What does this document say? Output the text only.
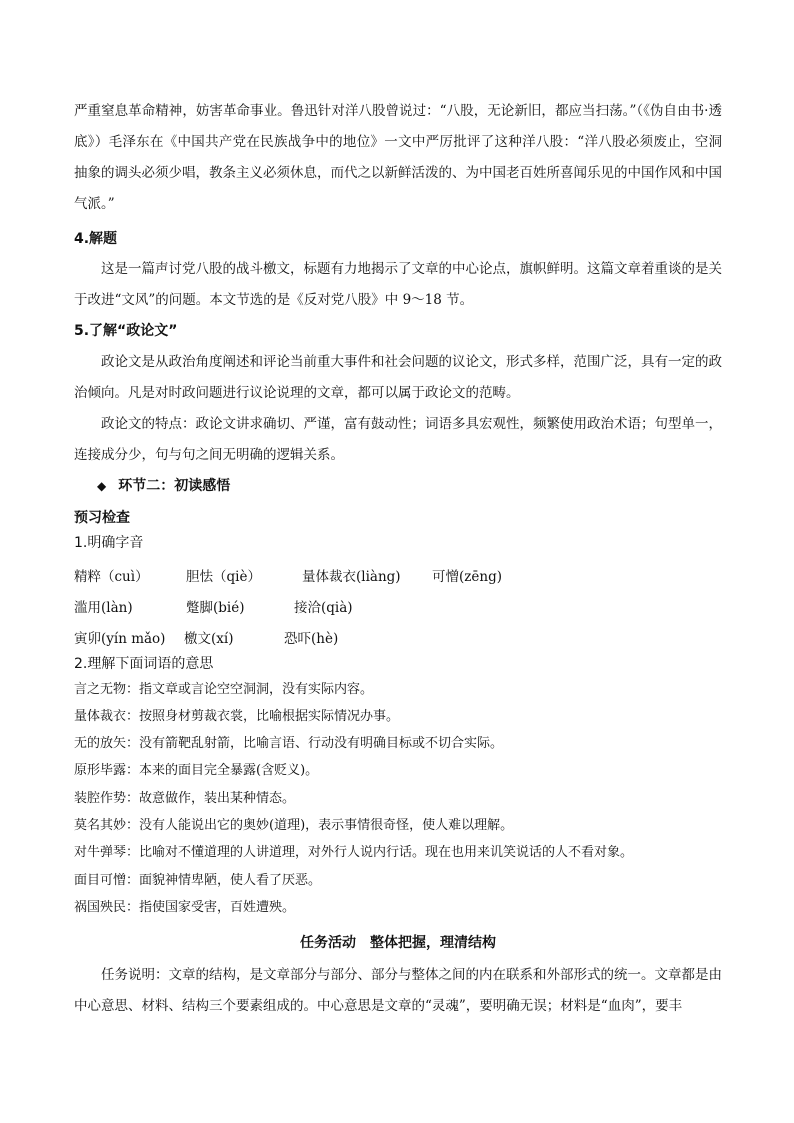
严重窒息革命精神，妨害革命事业。鲁迅针对洋八股曾说过：“八股，无论新旧，都应当扫荡。”（《伪自由书·透底》）毛泽东在《中国共产党在民族战争中的地位》一文中严厉批评了这种洋八股：“洋八股必须废止，空洞抽象的调头必须少唱，教条主义必须休息，而代之以新鲜活泼的、为中国老百姓所喜闻乐见的中国作风和中国气派。”

4.解题

这是一篇声讨党八股的战斗檄文，标题有力地揭示了文章的中心论点，旗帜鲜明。这篇文章着重谈的是关于改进“文风”的问题。本文节选的是《反对党八股》中 9～18 节。

5.了解“政论文”

政论文是从政治角度阐述和评论当前重大事件和社会问题的议论文，形式多样，范围广泛，具有一定的政治倾向。凡是对时政问题进行议论说理的文章，都可以属于政论文的范畴。

政论文的特点：政论文讲求确切、严谨，富有鼓动性；词语多具宏观性，频繁使用政治术语；句型单一，连接成分少，句与句之间无明确的逻辑关系。

◆ 环节二：初读感悟

预习检查

1.明确字音

精粹（cuì）	胆怯（qiè）	量体裁衣(liàng) 可憎(zēng)
滥用(làn)	蹩脚(bié)	接洽(qià)
寅卯(yín mǎo) 檄文(xí)	恐吓(hè)

2.理解下面词语的意思

言之无物：指文章或言论空空洞洞，没有实际内容。

量体裁衣：按照身材剪裁衣裳，比喻根据实际情况办事。

无的放矢：没有箭靶乱射箭，比喻言语、行动没有明确目标或不切合实际。

原形毕露：本来的面目完全暴露(含贬义)。

装腔作势：故意做作，装出某种情态。

莫名其妙：没有人能说出它的奥妙(道理)，表示事情很奇怪，使人难以理解。

对牛弹琴：比喻对不懂道理的人讲道理，对外行人说内行话。现在也用来讥笑说话的人不看对象。

面目可憎：面貌神情卑陋，使人看了厌恶。

祸国殃民：指使国家受害，百姓遭殃。

任务活动　整体把握，理清结构

任务说明：文章的结构，是文章部分与部分、部分与整体之间的内在联系和外部形式的统一。文章都是由中心意思、材料、结构三个要素组成的。中心意思是文章的“灵魂”，要明确无误；材料是“血肉”，要丰
